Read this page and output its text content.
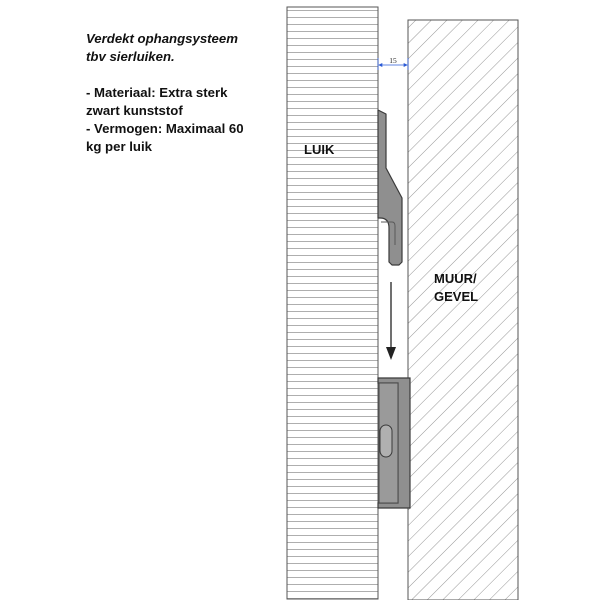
Verdekt ophangsysteem
tbv sierluiken.
- Materiaal: Extra sterk
zwart kunststof
- Vermogen: Maximaal 60
kg per luik
15
LUIK
MUUR/
GEVEL
